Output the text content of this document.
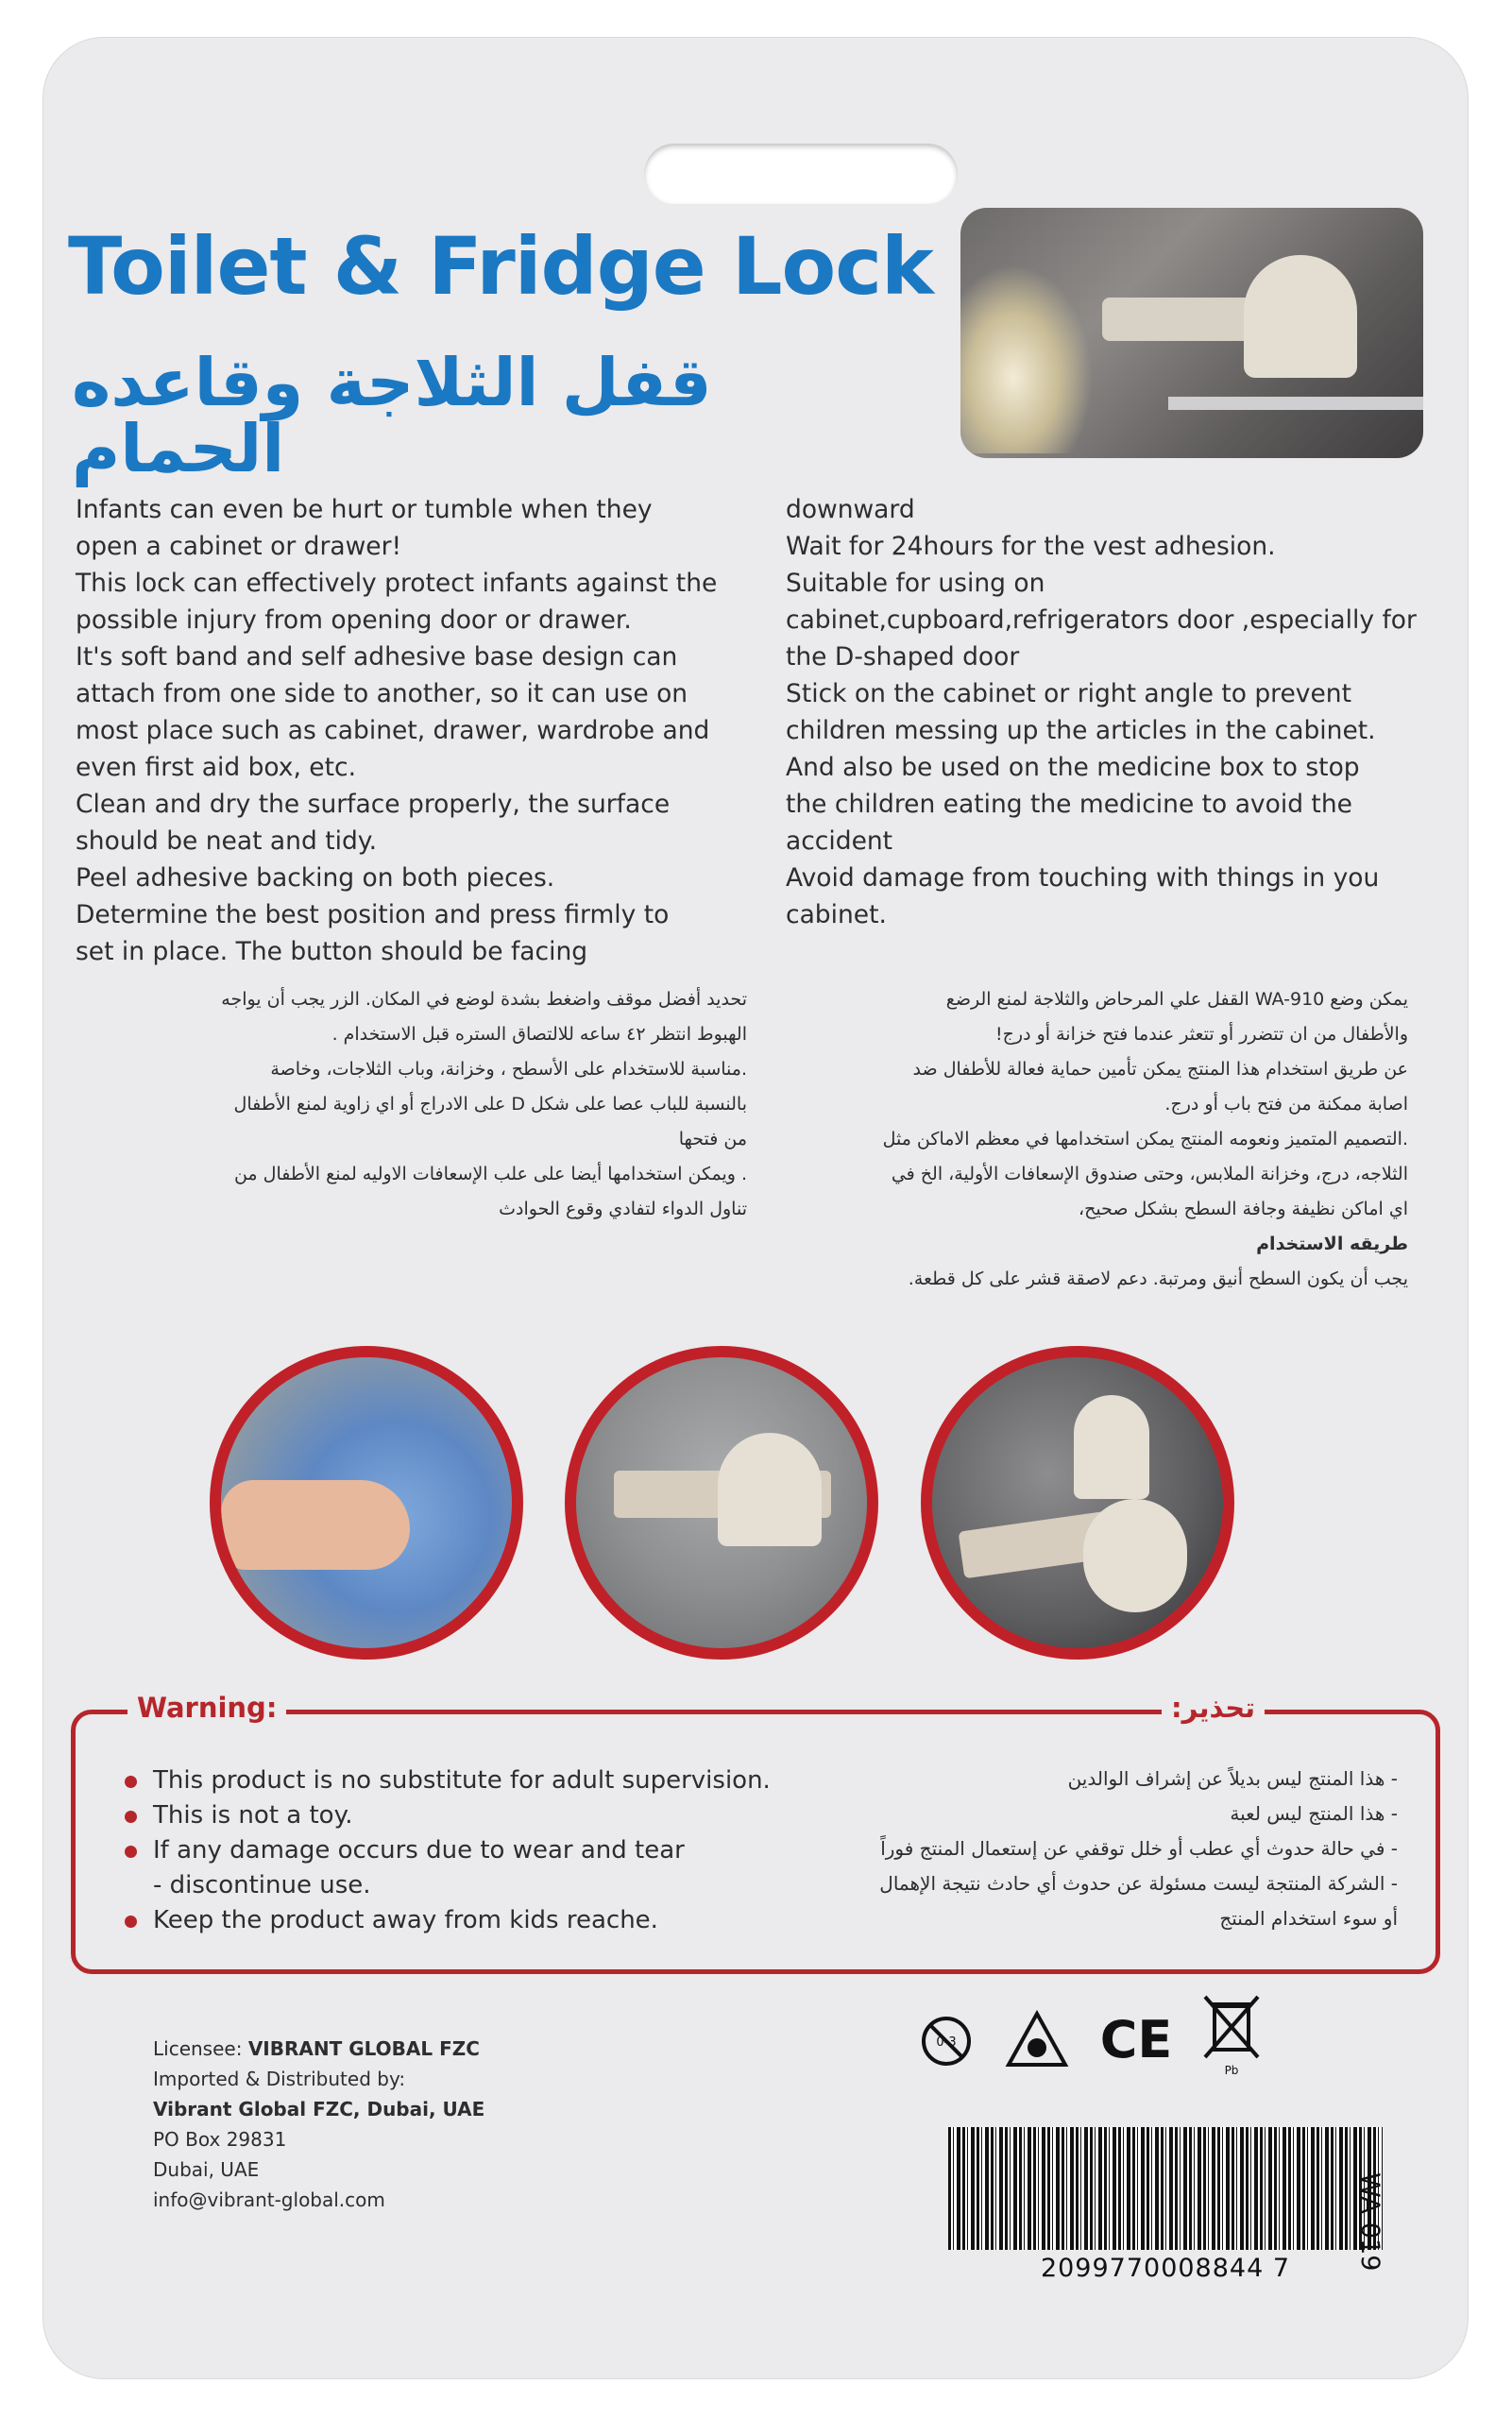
Toilet & Fridge Lock
قفل الثلاجة وقاعده الحمام
Infants can even be hurt or tumble when they
open a cabinet or drawer!
This lock can effectively protect infants against the
possible injury from opening door or drawer.
It's soft band and self adhesive base design can
attach from one side to another, so it can use on
most place such as cabinet, drawer, wardrobe and
even first aid box, etc.
Clean and dry the surface properly, the surface
should be neat and tidy.
Peel adhesive backing on both pieces.
Determine the best position and press firmly to
set in place. The button should be facing
downward
Wait for 24hours for the vest adhesion.
Suitable for using on
cabinet,cupboard,refrigerators door ,especially for
the D-shaped door
Stick on the cabinet or right angle to prevent
children messing up the articles in the cabinet.
And also be used on the medicine box to stop
the children eating the medicine to avoid the
accident
Avoid damage from touching with things in you
cabinet.
تحديد أفضل موقف واضغط بشدة لوضع في المكان. الزر يجب أن يواجه
الهبوط انتظر ٤٢ ساعه للالتصاق الستره قبل الاستخدام .
.مناسبة للاستخدام على الأسطح ، وخزانة، وباب الثلاجات، وخاصة
بالنسبة للباب عصا على شكل D على الادراج أو اي زاوية لمنع الأطفال
من فتحها
. ويمكن استخدامها أيضا على علب الإسعافات الاوليه لمنع الأطفال من
تناول الدواء لتفادي وقوع الحوادث
يمكن وضع WA-910 القفل علي المرحاض والثلاجة لمنع الرضع
والأطفال من ان تتضرر أو تتعثر عندما فتح خزانة أو درج!
عن طريق استخدام هذا المنتج يمكن تأمين حماية فعالة للأطفال ضد
اصابة ممكنة من فتح باب أو درج.
.التصميم المتميز ونعومه المنتج يمكن استخدامها في معظم الاماكن مثل
الثلاجه، درج، وخزانة الملابس، وحتى صندوق الإسعافات الأولية، الخ في
اي اماكن نظيفة وجافة السطح بشكل صحيح،
طريقه الاستخدام
يجب أن يكون السطح أنيق ومرتبة. دعم لاصقة قشر على كل قطعة.
This product is no substitute for adult supervision.
This is not a toy.
If any damage occurs due to wear and tear
- discontinue use.
Keep the product away from kids reache.
- هذا المنتج ليس بديلاً عن إشراف الوالدين
- هذا المنتج ليس لعبة
- في حالة حدوث أي عطب أو خلل توقفي عن إستعمال المنتج فوراً
- الشركة المنتجة ليست مسئولة عن حدوث أي حادث نتيجة الإهمال
أو سوء استخدام المنتج
Warning:	تحذير:
Licensee: VIBRANT GLOBAL FZC
Imported & Distributed by:
Vibrant Global FZC, Dubai, UAE
PO Box 29831
Dubai, UAE
info@vibrant-global.com
0-3	CE
Pb
2099770008844 7	WA-019
